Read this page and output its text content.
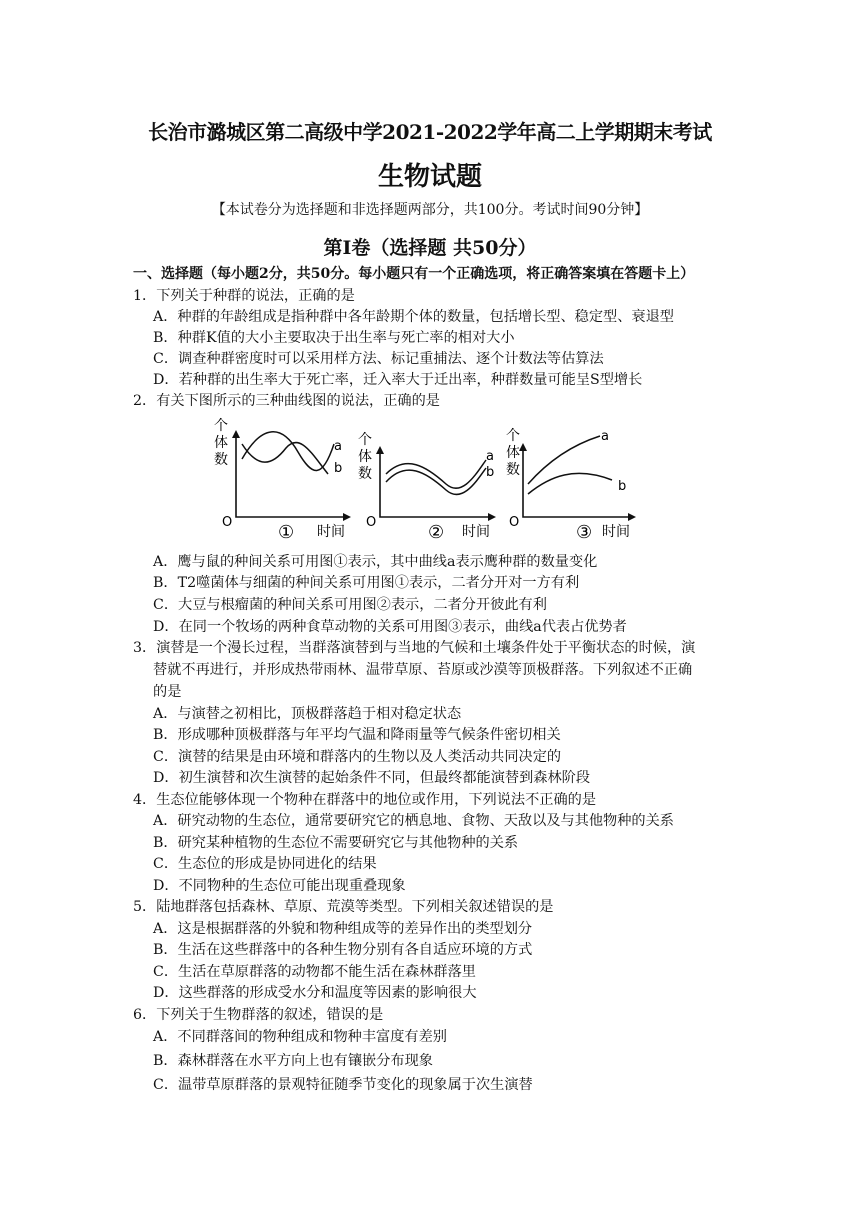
长治市潞城区第二高级中学2021-2022学年高二上学期期末考试
生物试题
【本试卷分为选择题和非选择题两部分，共100分。考试时间90分钟】
第Ⅰ卷（选择题 共50分）
一、选择题（每小题2分，共50分。每小题只有一个正确选项，将正确答案填在答题卡上）
1．下列关于种群的说法，正确的是
A．种群的年龄组成是指种群中各年龄期个体的数量，包括增长型、稳定型、衰退型
B．种群K值的大小主要取决于出生率与死亡率的相对大小
C．调查种群密度时可以采用样方法、标记重捕法、逐个计数法等估算法
D．若种群的出生率大于死亡率，迁入率大于迁出率，种群数量可能呈S型增长
2．有关下图所示的三种曲线图的说法，正确的是
个
体
数
O
时间
a
b
①
个
体
数
O
时间
a
b
②
个
体
数
O
时间
a
b
③
A．鹰与鼠的种间关系可用图①表示，其中曲线a表示鹰种群的数量变化
B．T2噬菌体与细菌的种间关系可用图①表示，二者分开对一方有利
C．大豆与根瘤菌的种间关系可用图②表示，二者分开彼此有利
D．在同一个牧场的两种食草动物的关系可用图③表示，曲线a代表占优势者
3．演替是一个漫长过程，当群落演替到与当地的气候和土壤条件处于平衡状态的时候，演
替就不再进行，并形成热带雨林、温带草原、苔原或沙漠等顶极群落。下列叙述不正确
的是
A．与演替之初相比，顶极群落趋于相对稳定状态
B．形成哪种顶极群落与年平均气温和降雨量等气候条件密切相关
C．演替的结果是由环境和群落内的生物以及人类活动共同决定的
D．初生演替和次生演替的起始条件不同，但最终都能演替到森林阶段
4．生态位能够体现一个物种在群落中的地位或作用，下列说法不正确的是
A．研究动物的生态位，通常要研究它的栖息地、食物、天敌以及与其他物种的关系
B．研究某种植物的生态位不需要研究它与其他物种的关系
C．生态位的形成是协同进化的结果
D．不同物种的生态位可能出现重叠现象
5．陆地群落包括森林、草原、荒漠等类型。下列相关叙述错误的是
A．这是根据群落的外貌和物种组成等的差异作出的类型划分
B．生活在这些群落中的各种生物分别有各自适应环境的方式
C．生活在草原群落的动物都不能生活在森林群落里
D．这些群落的形成受水分和温度等因素的影响很大
6．下列关于生物群落的叙述，错误的是
A．不同群落间的物种组成和物种丰富度有差别
B．森林群落在水平方向上也有镶嵌分布现象
C．温带草原群落的景观特征随季节变化的现象属于次生演替
